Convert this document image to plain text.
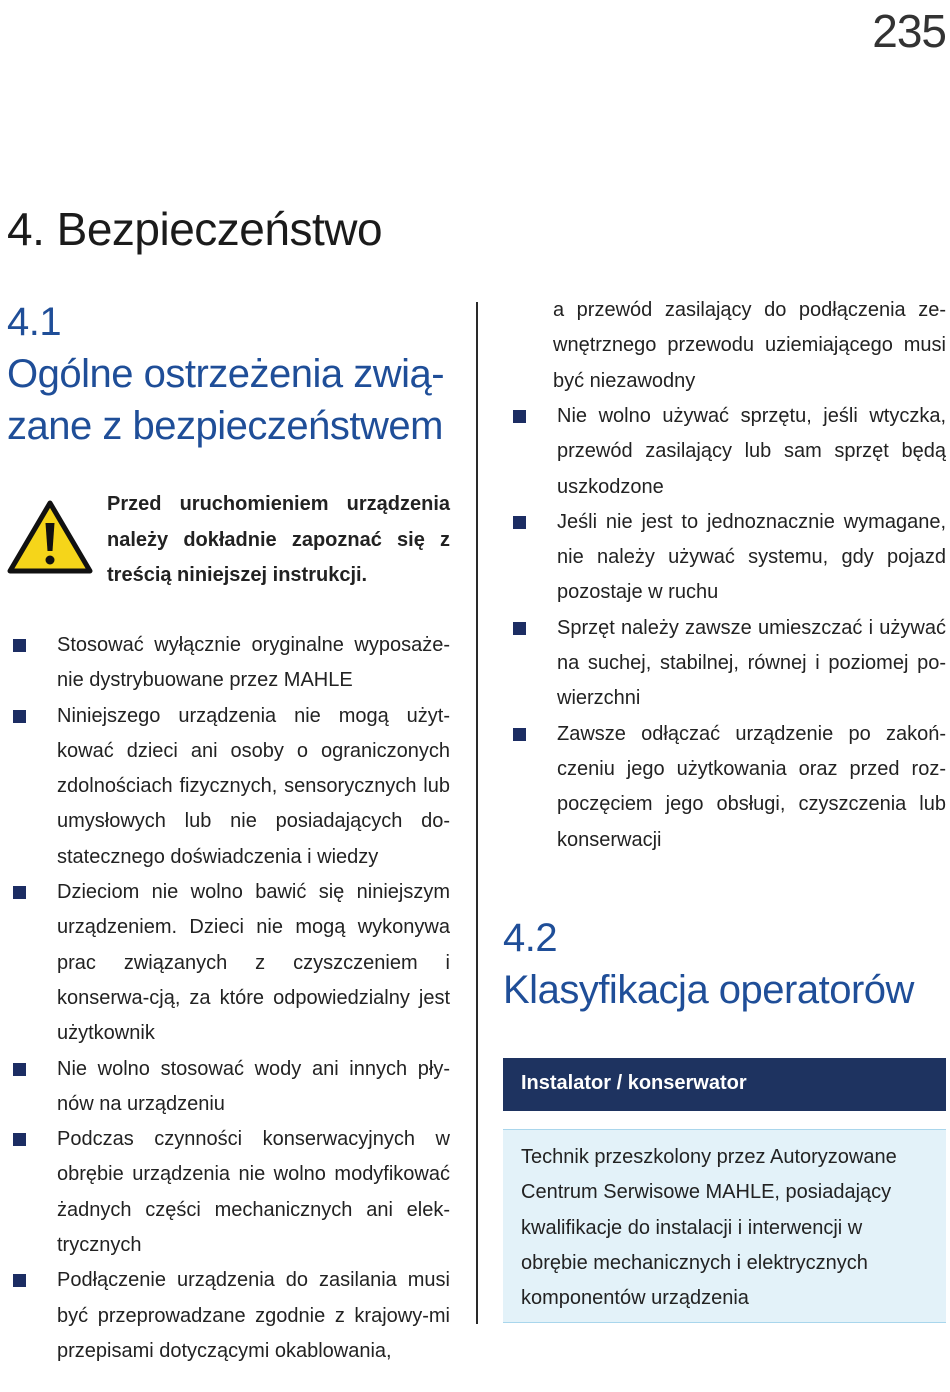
235
4. Bezpieczeństwo
4.1
Ogólne ostrzeżenia zwią-
zane z bezpieczeństwem
Przed uruchomieniem urządzenia należy dokładnie zapoznać się z treścią niniejszej instrukcji.
Stosować wyłącznie oryginalne wyposaże-nie dystrybuowane przez MAHLE
Niniejszego urządzenia nie mogą użyt-kować dzieci ani osoby o ograniczonych zdolnościach fizycznych, sensorycznych lub umysłowych lub nie posiadających do-statecznego doświadczenia i wiedzy
Dzieciom nie wolno bawić się niniejszym urządzeniem. Dzieci nie mogą wykonywa prac związanych z czyszczeniem i konserwa-cją, za które odpowiedzialny jest użytkownik
Nie wolno stosować wody ani innych pły-nów na urządzeniu
Podczas czynności konserwacyjnych w obrębie urządzenia nie wolno modyfikować żadnych części mechanicznych ani elek-trycznych
Podłączenie urządzenia do zasilania musi być przeprowadzane zgodnie z krajowy-mi przepisami dotyczącymi okablowania,
a przewód zasilający do podłączenia ze-wnętrznego przewodu uziemiającego musi być niezawodny
Nie wolno używać sprzętu, jeśli wtyczka, przewód zasilający lub sam sprzęt będą uszkodzone
Jeśli nie jest to jednoznacznie wymagane, nie należy używać systemu, gdy pojazd pozostaje w ruchu
Sprzęt należy zawsze umieszczać i używać na suchej, stabilnej, równej i poziomej po-wierzchni
Zawsze odłączać urządzenie po zakoń-czeniu jego użytkowania oraz przed roz-poczęciem jego obsługi, czyszczenia lub konserwacji
4.2
Klasyfikacja operatorów
Instalator / konserwator
Technik przeszkolony przez Autoryzowane Centrum Serwisowe MAHLE, posiadający kwalifikacje do instalacji i interwencji w obrębie mechanicznych i elektrycznych komponentów urządzenia
